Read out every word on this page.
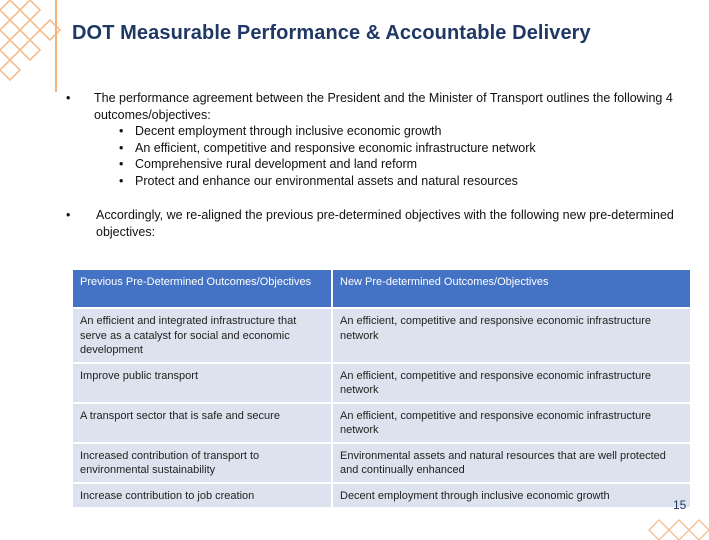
DOT Measurable Performance & Accountable Delivery
• The performance agreement between the President and the Minister of Transport outlines the following 4 outcomes/objectives:
• Decent employment through inclusive economic growth
• An efficient, competitive and responsive economic infrastructure network
• Comprehensive rural development and land reform
• Protect and enhance our environmental assets and natural resources
• Accordingly, we re-aligned the previous pre-determined objectives with the following new pre-determined objectives:
Previous Pre-Determined Outcomes/Objectives	New Pre-determined Outcomes/Objectives
An efficient and integrated infrastructure that serve as a catalyst for social and economic development	An efficient, competitive and responsive economic infrastructure network
Improve public transport	An efficient, competitive and responsive economic infrastructure network
A transport sector that is safe and secure	An efficient, competitive and responsive economic infrastructure network
Increased contribution of transport to environmental sustainability	Environmental assets and natural resources that are well protected and continually enhanced
Increase contribution to job creation	Decent employment through inclusive economic growth
15
